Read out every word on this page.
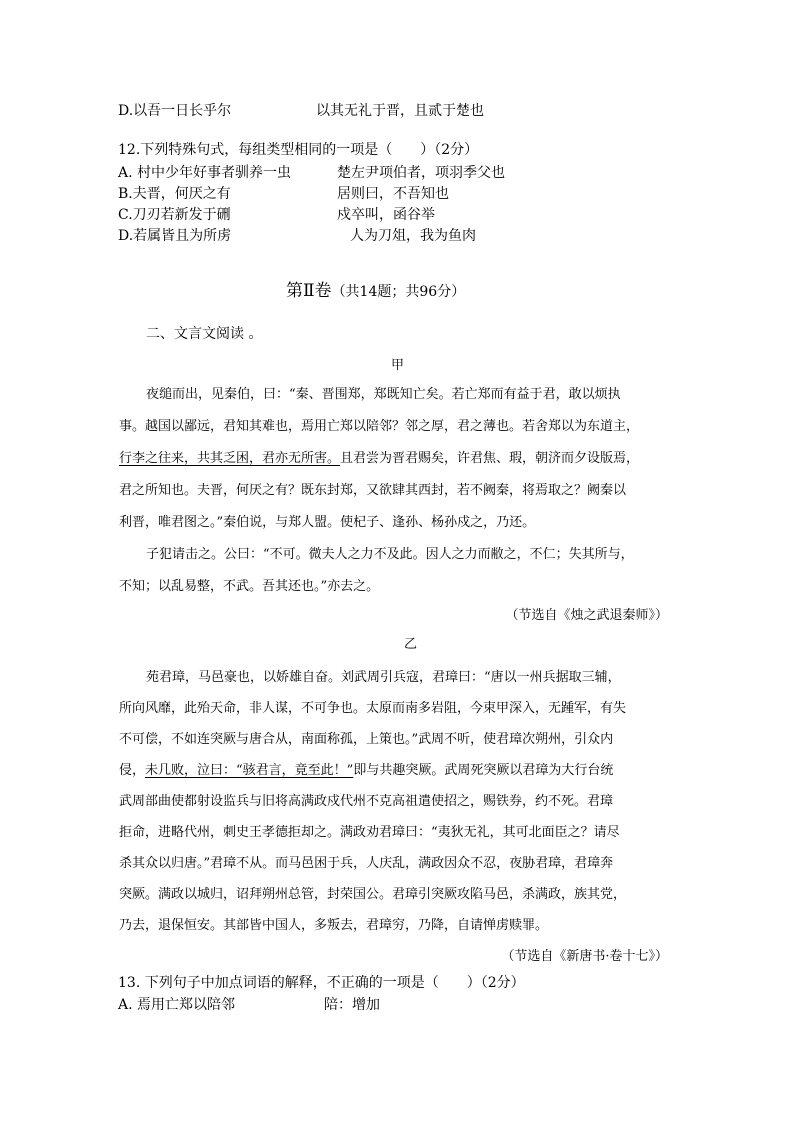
D.以吾一日长乎尔	以其无礼于晋，且贰于楚也
12.下列特殊句式，每组类型相同的一项是（　　）（2分）
A. 村中少年好事者驯养一虫	楚左尹项伯者，项羽季父也
B.夫晋，何厌之有	居则曰，不吾知也
C.刀刃若新发于硎	戍卒叫，函谷举
D.若属皆且为所虏	人为刀俎，我为鱼肉
第Ⅱ卷（共14题；共96分）
二、文言文阅读 。
甲
夜缒而出，见秦伯，曰：“秦、晋围郑，郑既知亡矣。若亡郑而有益于君，敢以烦执
事。越国以鄙远，君知其难也，焉用亡郑以陪邻？邻之厚，君之薄也。若舍郑以为东道主，
行李之往来，共其乏困，君亦无所害。且君尝为晋君赐矣，许君焦、瑕，朝济而夕设版焉，
君之所知也。夫晋，何厌之有？既东封郑，又欲肆其西封，若不阙秦，将焉取之？阙秦以
利晋，唯君图之。”秦伯说，与郑人盟。使杞子、逢孙、杨孙戍之，乃还。
子犯请击之。公曰：“不可。微夫人之力不及此。因人之力而敝之，不仁；失其所与，
不知；以乱易整，不武。吾其还也。”亦去之。
（节选自《烛之武退秦师》）
乙
苑君璋，马邑豪也，以娇雄自奋。刘武周引兵寇，君璋曰：“唐以一州兵据取三辅，
所向风靡，此殆天命，非人谋，不可争也。太原而南多岩阻，今束甲深入，无踵军，有失
不可偿，不如连突厥与唐合从，南面称孤，上策也。”武周不听，使君璋次朔州，引众内
侵，未几败，泣曰：“骇君言，竟至此！”即与共趣突厥。武周死突厥以君璋为大行台统
武周部曲使都射设监兵与旧将高满政戍代州不克高祖遣使招之，赐铁券，约不死。君璋
拒命，进略代州，刺史王孝德拒却之。满政劝君璋曰：“夷狄无礼，其可北面臣之？请尽
杀其众以归唐。”君璋不从。而马邑困于兵，人庆乱，满政因众不忍，夜胁君璋，君璋奔
突厥。满政以城归，诏拜朔州总管，封荣国公。君璋引突厥攻陷马邑，杀满政，族其党，
乃去，退保恒安。其部皆中国人，多叛去，君璋穷，乃降，自请惮虏赎罪。
（节选自《新唐书·卷十七》）
13. 下列句子中加点词语的解释，不正确的一项是（　　）（2分）
A. 焉用亡郑以陪邻	陪：增加
